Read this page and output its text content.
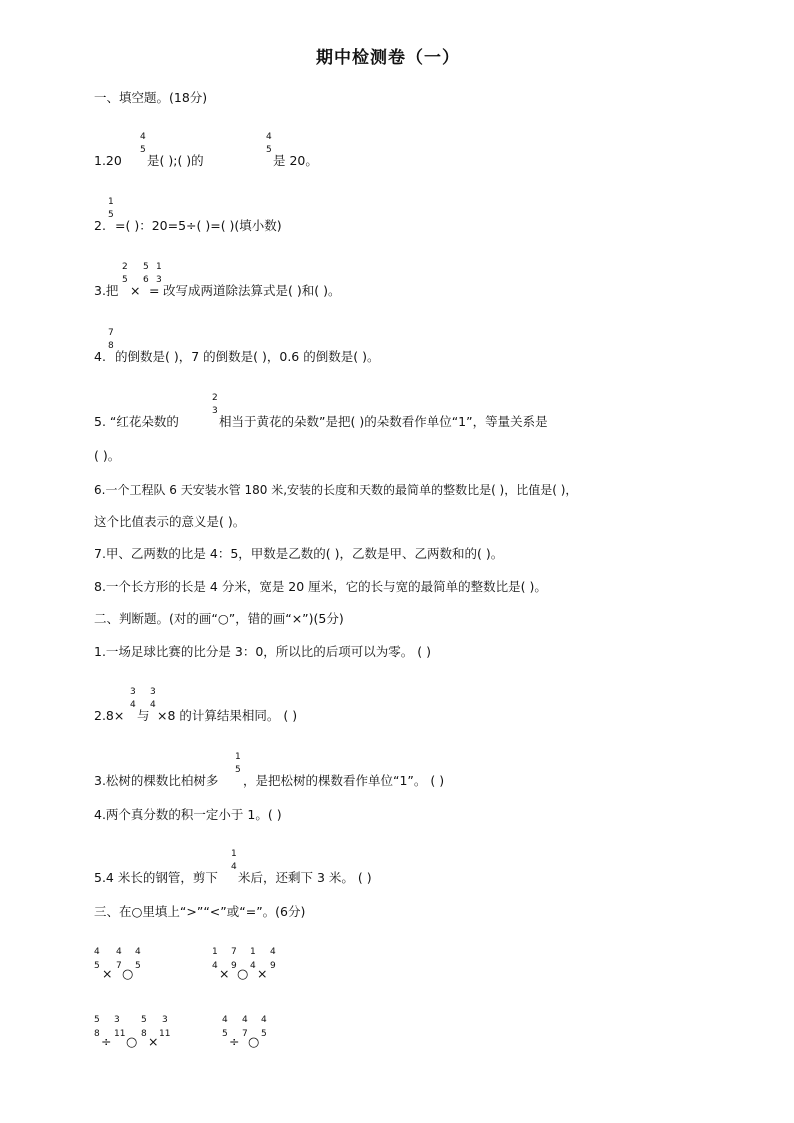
期中检测卷（一）
一、填空题。(18分)
1.20
4
5
是( );( )的
4
5
是 20。
2.
1
5
=( )：20=5÷( )=( )(填小数)
3.把
2
5
×
5
6
=
1
3
改写成两道除法算式是( )和( )。
4.
7
8
的倒数是( )，7 的倒数是( )，0.6 的倒数是( )。
5. “红花朵数的
2
3
相当于黄花的朵数”是把( )的朵数看作单位“1”，等量关系是
( )。
6.一个工程队 6 天安装水管 180 米,安装的长度和天数的最简单的整数比是( )，比值是( )，
这个比值表示的意义是( )。
7.甲、乙两数的比是 4：5，甲数是乙数的( )，乙数是甲、乙两数和的( )。
8.一个长方形的长是 4 分米，宽是 20 厘米，它的长与宽的最简单的整数比是( )。
二、判断题。(对的画“○”，错的画“×”)(5分)
1.一场足球比赛的比分是 3：0，所以比的后项可以为零。 ( )
2.8×
3
4
与
3
4
×8 的计算结果相同。 ( )
3.松树的棵数比柏树多
1
5
，是把松树的棵数看作单位“1”。 ( )
4.两个真分数的积一定小于 1。( )
5.4 米长的钢管，剪下
1
4
米后，还剩下 3 米。 ( )
三、在○里填上“>”“<”或“=”。(6分)
4
5 ×
4
7
○
4
5
1
4 ×
7
9
○
1
4 ×
4
9
5
8 ÷
3
11
○
5
8 ×
3
11
4
5 ÷
4
7
○
4
5
